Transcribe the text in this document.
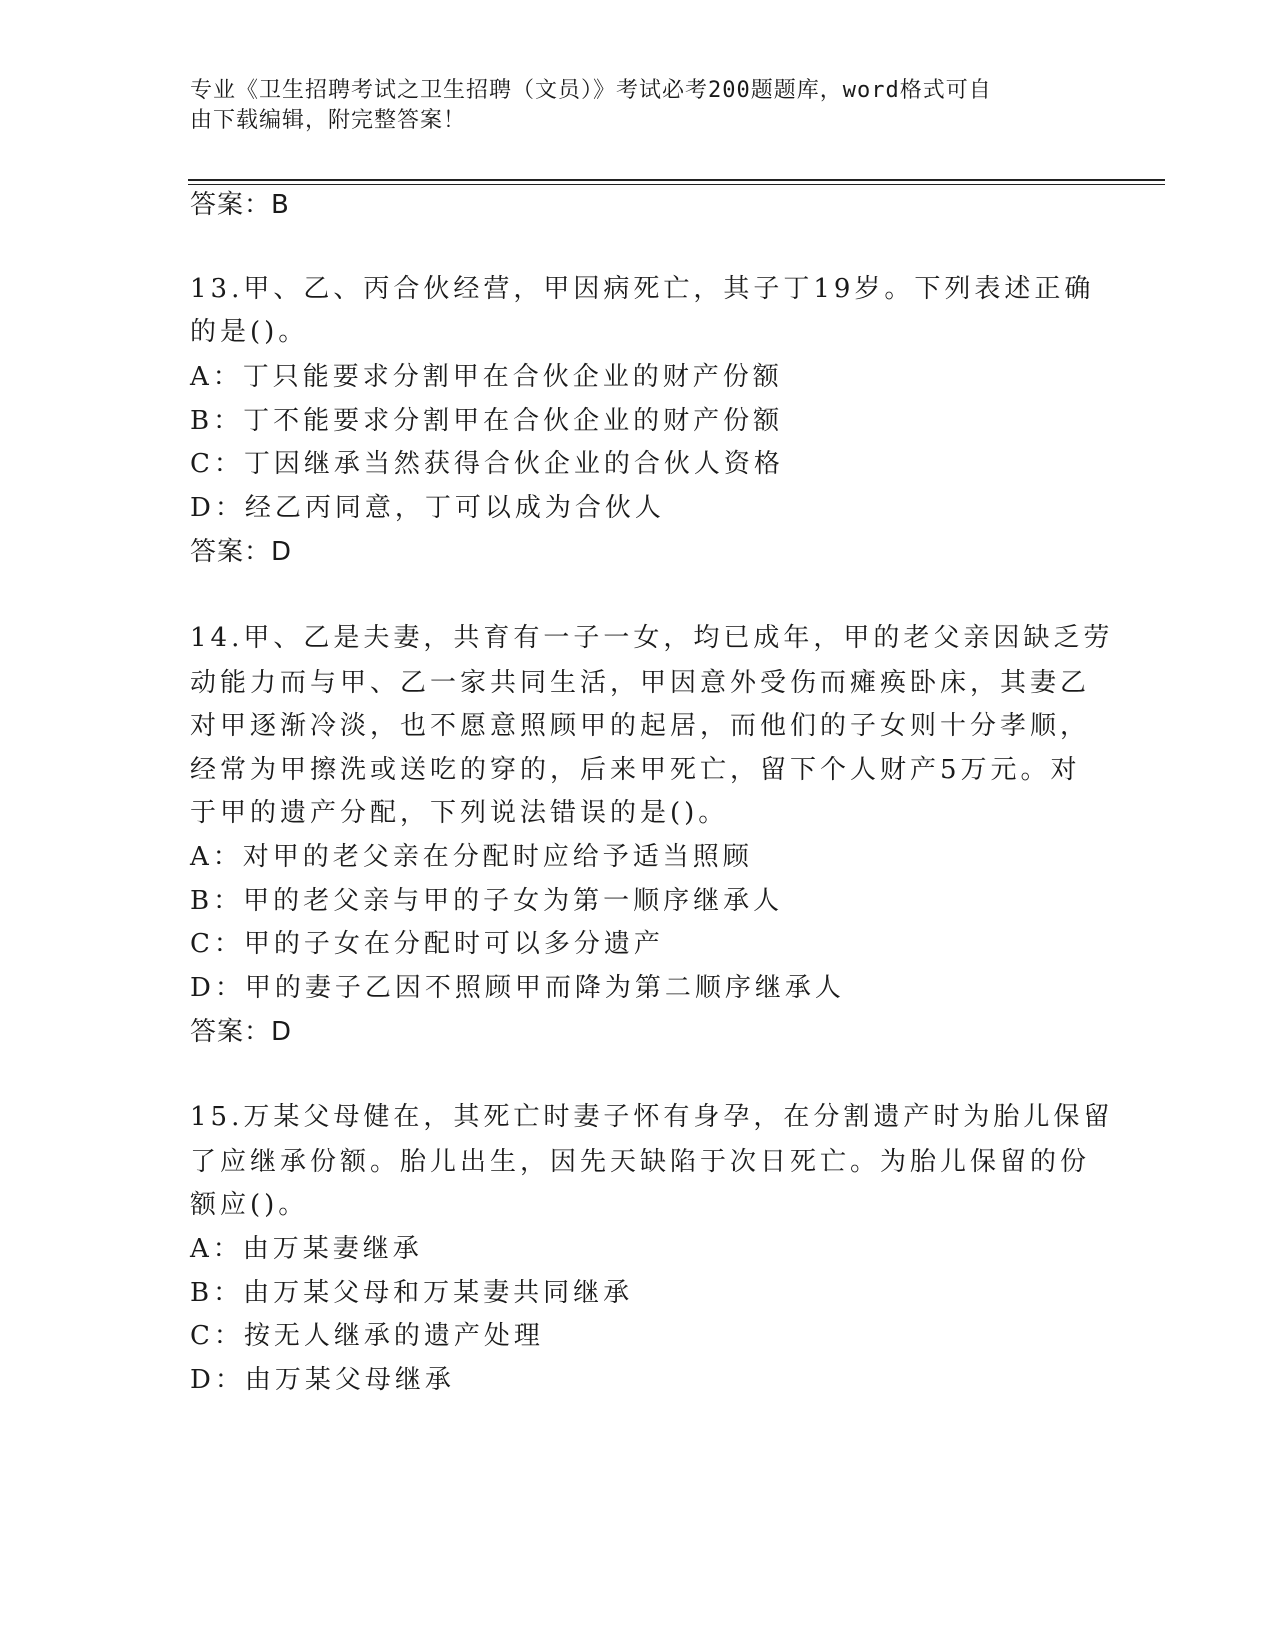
专业《卫生招聘考试之卫生招聘（文员）》考试必考200题题库，word格式可自
由下载编辑，附完整答案！
答案：B
13.甲、乙、丙合伙经营，甲因病死亡，其子丁19岁。下列表述正确
的是()。
A：丁只能要求分割甲在合伙企业的财产份额
B：丁不能要求分割甲在合伙企业的财产份额
C：丁因继承当然获得合伙企业的合伙人资格
D：经乙丙同意，丁可以成为合伙人
答案：D
14.甲、乙是夫妻，共育有一子一女，均已成年，甲的老父亲因缺乏劳
动能力而与甲、乙一家共同生活，甲因意外受伤而瘫痪卧床，其妻乙
对甲逐渐冷淡，也不愿意照顾甲的起居，而他们的子女则十分孝顺，
经常为甲擦洗或送吃的穿的，后来甲死亡，留下个人财产5万元。对
于甲的遗产分配，下列说法错误的是()。
A：对甲的老父亲在分配时应给予适当照顾
B：甲的老父亲与甲的子女为第一顺序继承人
C：甲的子女在分配时可以多分遗产
D：甲的妻子乙因不照顾甲而降为第二顺序继承人
答案：D
15.万某父母健在，其死亡时妻子怀有身孕，在分割遗产时为胎儿保留
了应继承份额。胎儿出生，因先天缺陷于次日死亡。为胎儿保留的份
额应()。
A：由万某妻继承
B：由万某父母和万某妻共同继承
C：按无人继承的遗产处理
D：由万某父母继承
